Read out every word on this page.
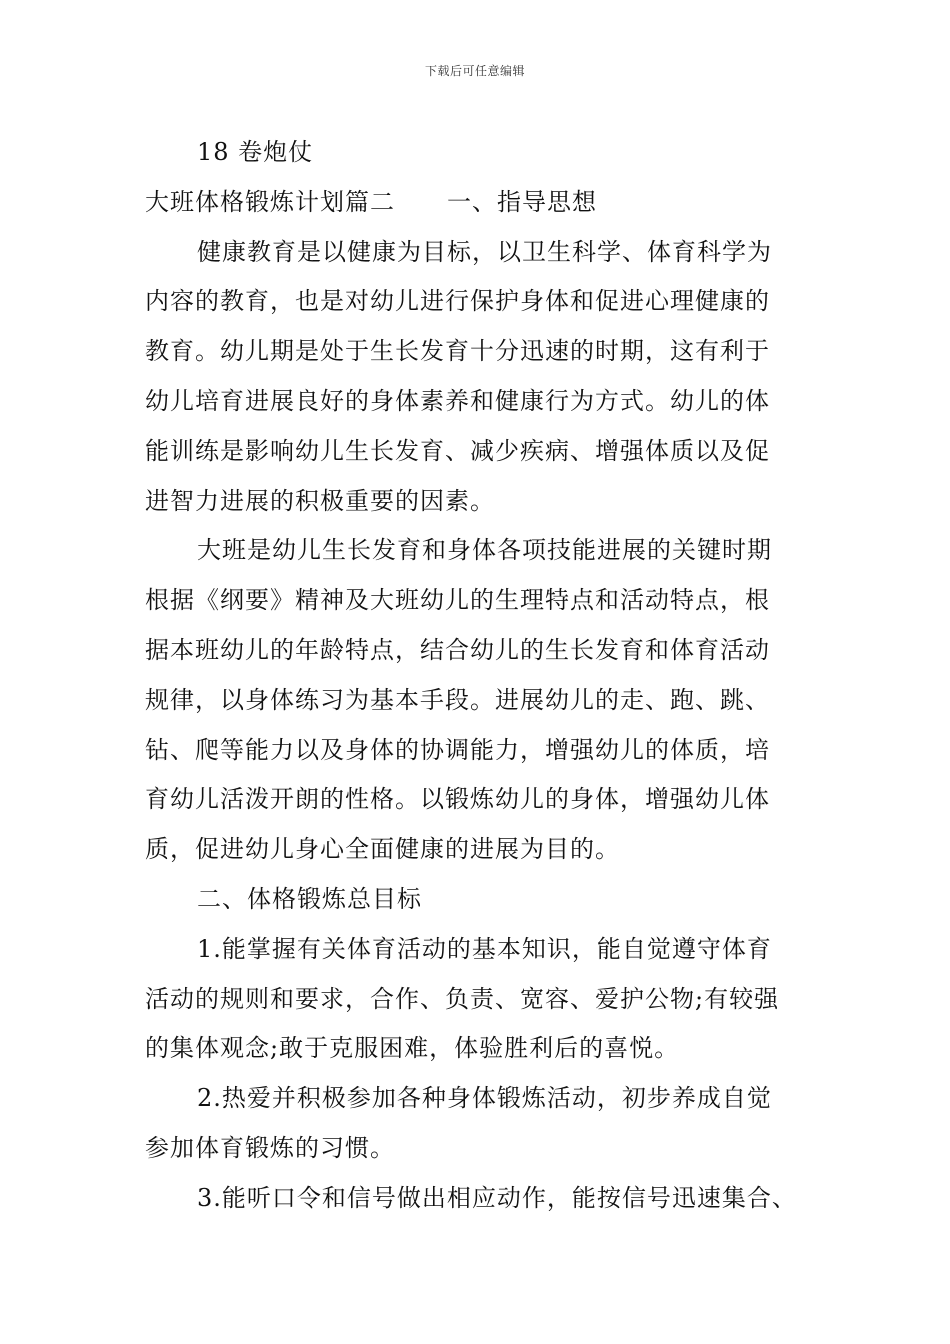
下载后可任意编辑
18 卷炮仗
大班体格锻炼计划篇二 一、指导思想
健康教育是以健康为目标，以卫生科学、体育科学为
内容的教育，也是对幼儿进行保护身体和促进心理健康的
教育。幼儿期是处于生长发育十分迅速的时期，这有利于
幼儿培育进展良好的身体素养和健康行为方式。幼儿的体
能训练是影响幼儿生长发育、减少疾病、增强体质以及促
进智力进展的积极重要的因素。
大班是幼儿生长发育和身体各项技能进展的关键时期
根据《纲要》精神及大班幼儿的生理特点和活动特点，根
据本班幼儿的年龄特点，结合幼儿的生长发育和体育活动
规律，以身体练习为基本手段。进展幼儿的走、跑、跳、
钻、爬等能力以及身体的协调能力，增强幼儿的体质，培
育幼儿活泼开朗的性格。以锻炼幼儿的身体，增强幼儿体
质，促进幼儿身心全面健康的进展为目的。
二、体格锻炼总目标
1.能掌握有关体育活动的基本知识，能自觉遵守体育
活动的规则和要求，合作、负责、宽容、爱护公物;有较强
的集体观念;敢于克服困难，体验胜利后的喜悦。
2.热爱并积极参加各种身体锻炼活动，初步养成自觉
参加体育锻炼的习惯。
3.能听口令和信号做出相应动作，能按信号迅速集合、
